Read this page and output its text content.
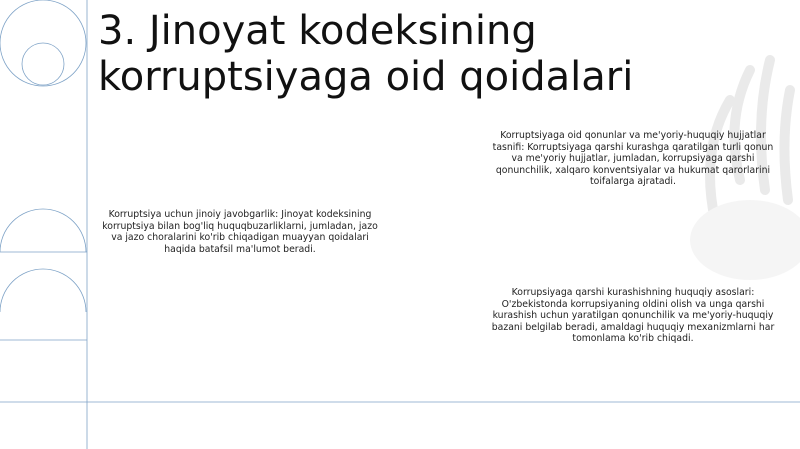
3. Jinoyat kodeksining
korruptsiyaga oid qoidalari
Korruptsiya uchun jinoiy javobgarlik: Jinoyat kodeksining korruptsiya bilan bog'liq huquqbuzarliklarni, jumladan, jazo va jazo choralarini ko'rib chiqadigan muayyan qoidalari haqida batafsil ma'lumot beradi.
Korruptsiyaga oid qonunlar va me'yoriy-huquqiy hujjatlar tasnifi: Korruptsiyaga qarshi kurashga qaratilgan turli qonun va me'yoriy hujjatlar, jumladan, korrupsiyaga qarshi qonunchilik, xalqaro konventsiyalar va hukumat qarorlarini toifalarga ajratadi.
Korrupsiyaga qarshi kurashishning huquqiy asoslari: O'zbekistonda korrupsiyaning oldini olish va unga qarshi kurashish uchun yaratilgan qonunchilik va me'yoriy-huquqiy bazani belgilab beradi, amaldagi huquqiy mexanizmlarni har tomonlama ko'rib chiqadi.
